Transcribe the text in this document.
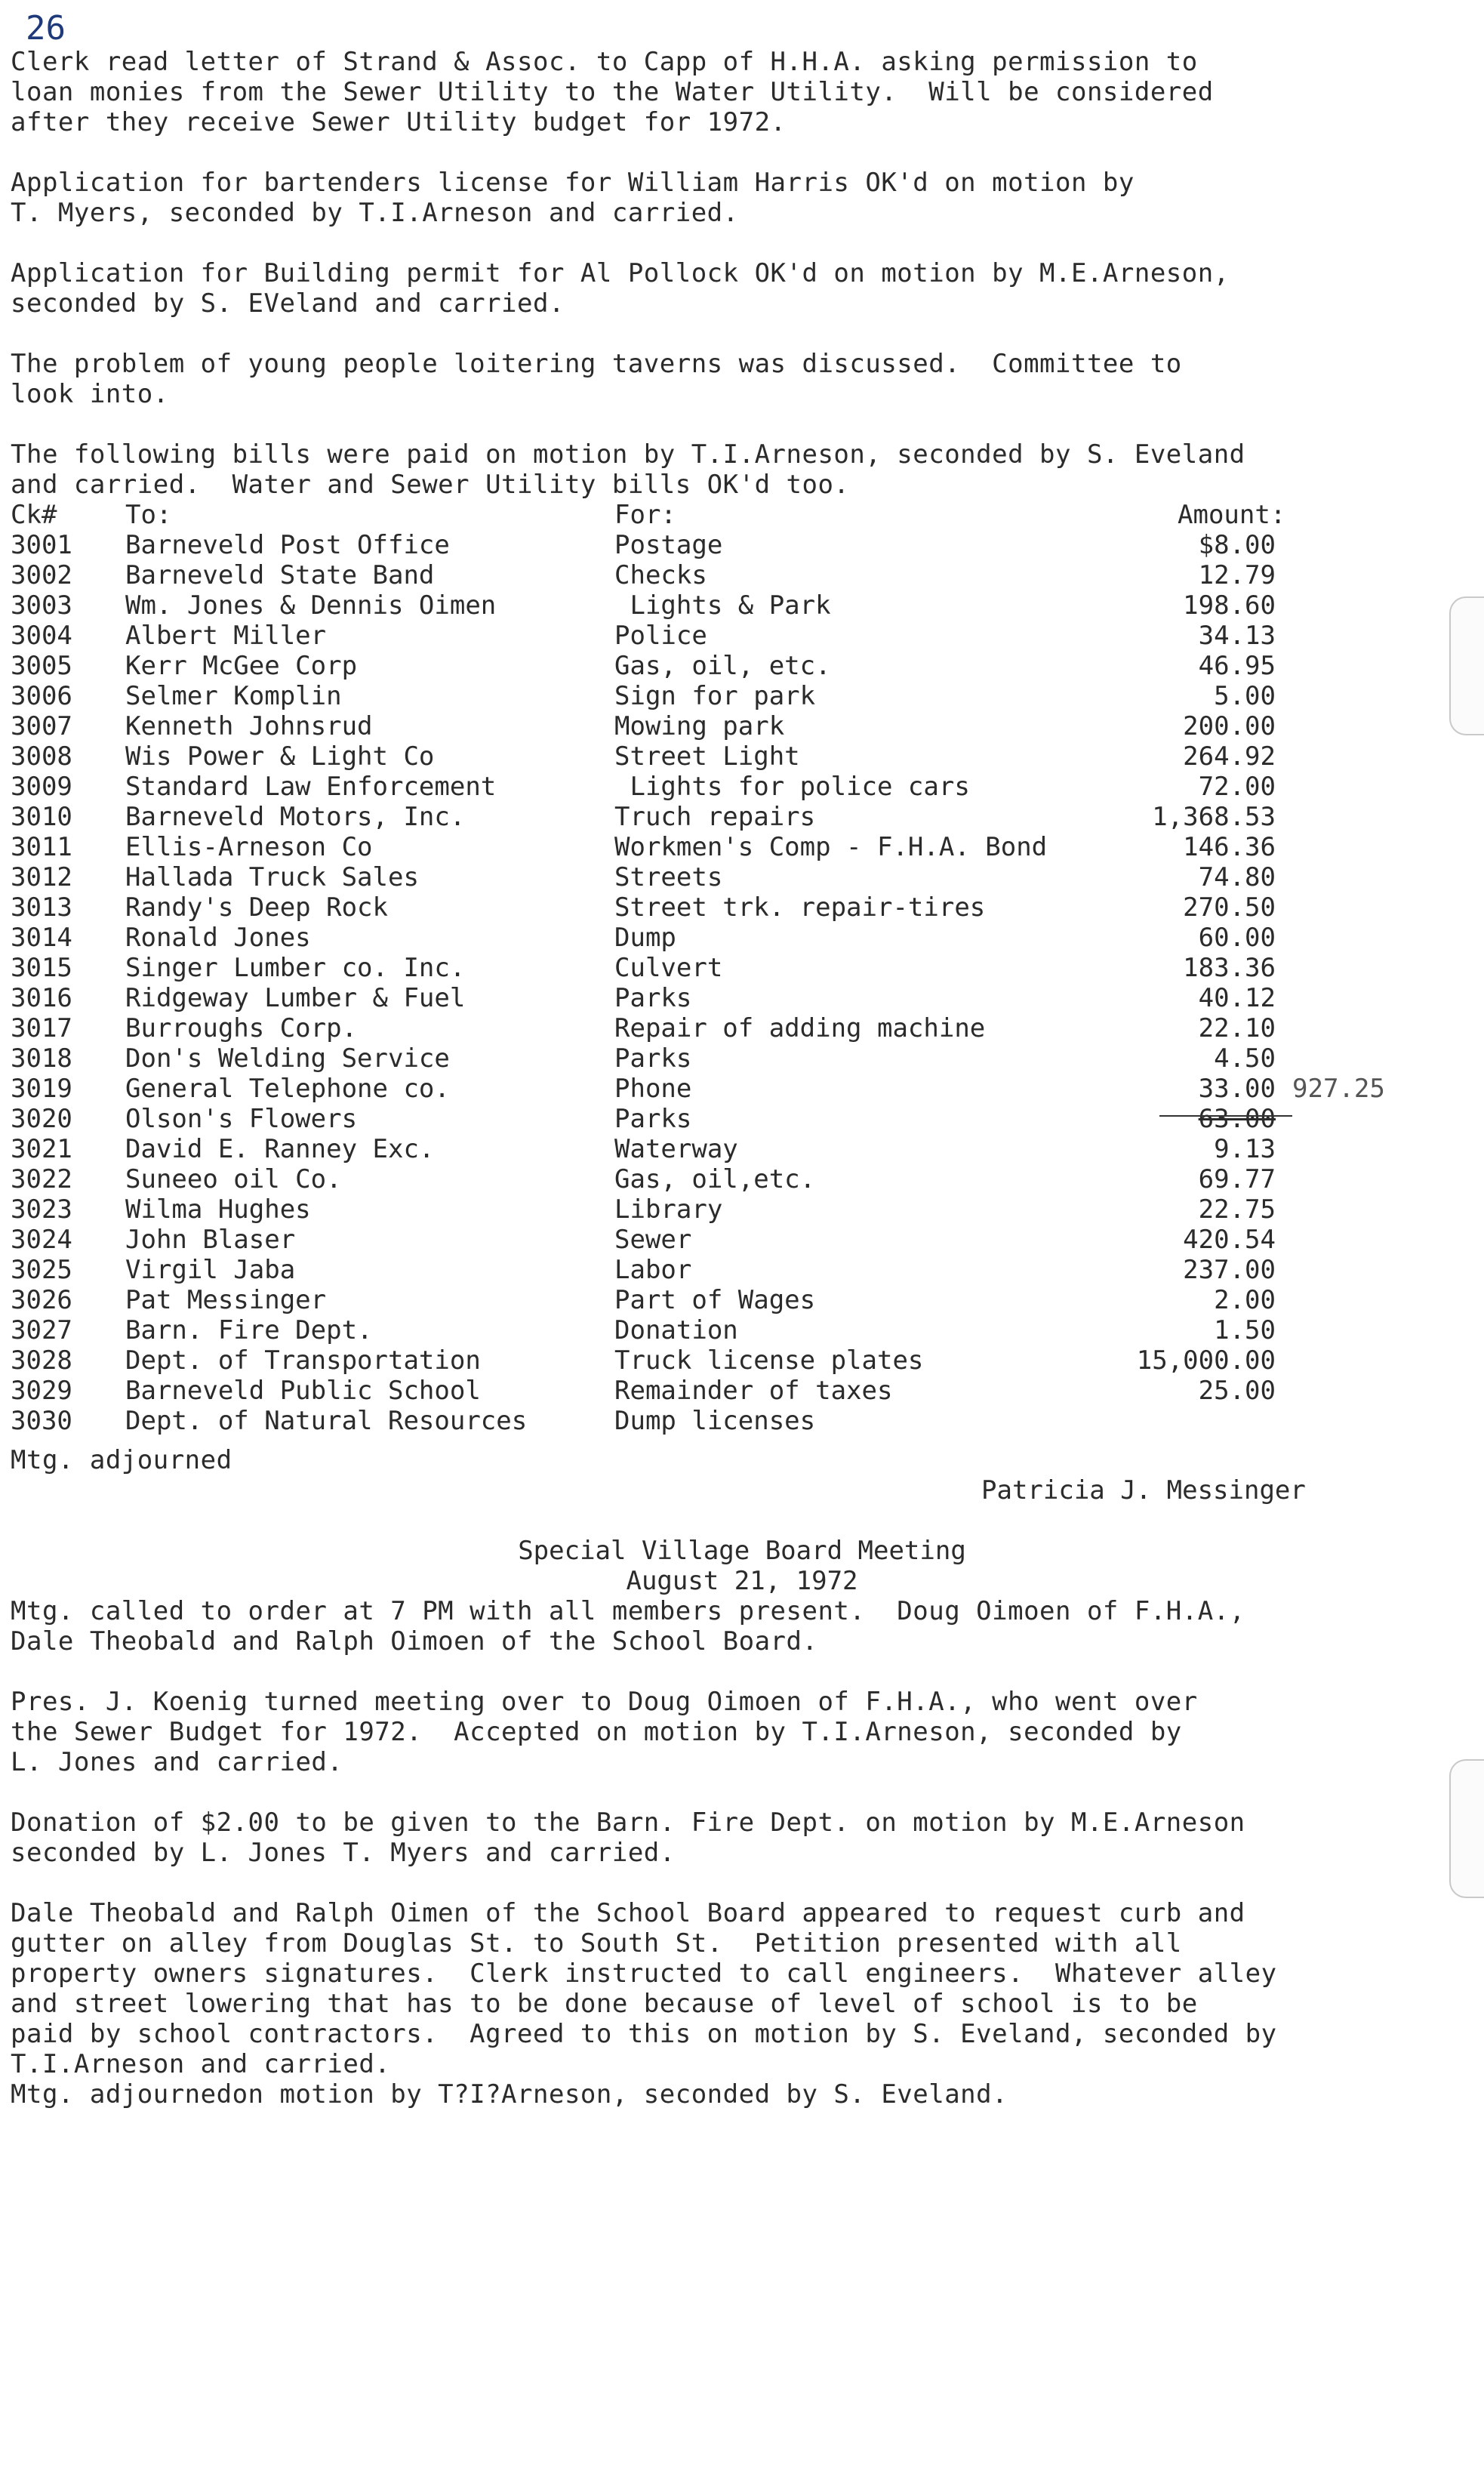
26

Clerk read letter of Strand & Assoc. to Capp of H.H.A. asking permission to

loan monies from the Sewer Utility to the Water Utility.  Will be considered

after they receive Sewer Utility budget for 1972.

Application for bartenders license for William Harris OK'd on motion by

T. Myers, seconded by T.I.Arneson and carried.

Application for Building permit for Al Pollock OK'd on motion by M.E.Arneson,

seconded by S. EVeland and carried.

The problem of young people loitering taverns was discussed.  Committee to

look into.

The following bills were paid on motion by T.I.Arneson, seconded by S. Eveland

and carried.  Water and Sewer Utility bills OK'd too.

Ck#	To:	For:	Amount:
3001 Barneveld Post Office	Postage	$8.00
3002 Barneveld State Band	Checks	12.79
3003 Wm. Jones & Dennis Oimen	Lights & Park	198.60
3004 Albert Miller	Police	34.13
3005 Kerr McGee Corp	Gas, oil, etc.	46.95
3006 Selmer Komplin	Sign for park	5.00
3007 Kenneth Johnsrud	Mowing park	200.00
3008 Wis Power & Light Co	Street Light	264.92
3009 Standard Law Enforcement	Lights for police cars	72.00
3010 Barneveld Motors, Inc.	Truch repairs	1,368.53
3011 Ellis-Arneson Co	Workmen's Comp - F.H.A. Bond	146.36
3012 Hallada Truck Sales	Streets	74.80
3013 Randy's Deep Rock	Street trk. repair-tires	270.50
3014 Ronald Jones	Dump	60.00
3015 Singer Lumber co. Inc.	Culvert	183.36
3016 Ridgeway Lumber & Fuel	Parks	40.12
3017 Burroughs Corp.	Repair of adding machine	22.10
3018 Don's Welding Service	Parks	4.50
3019 General Telephone co.	Phone	33.00 927.25
3020 Olson's Flowers	Parks	63.00
3021 David E. Ranney Exc.	Waterway	9.13
3022 Suneeo oil Co.	Gas, oil,etc.	69.77
3023 Wilma Hughes	Library	22.75
3024 John Blaser	Sewer	420.54
3025 Virgil Jaba	Labor	237.00
3026 Pat Messinger	Part of Wages	2.00
3027 Barn. Fire Dept.	Donation	1.50
3028 Dept. of Transportation	Truck license plates	15,000.00
3029 Barneveld Public School	Remainder of taxes	25.00
3030 Dept. of Natural Resources	Dump licenses

Mtg. adjourned

Patricia J. Messinger
Special Village Board Meeting
August 21, 1972

Mtg. called to order at 7 PM with all members present.  Doug Oimoen of F.H.A.,

Dale Theobald and Ralph Oimoen of the School Board.

Pres. J. Koenig turned meeting over to Doug Oimoen of F.H.A., who went over

the Sewer Budget for 1972.  Accepted on motion by T.I.Arneson, seconded by

L. Jones and carried.

Donation of $2.00 to be given to the Barn. Fire Dept. on motion by M.E.Arneson

seconded by L. Jones T. Myers and carried.

Dale Theobald and Ralph Oimen of the School Board appeared to request curb and

gutter on alley from Douglas St. to South St.  Petition presented with all

property owners signatures.  Clerk instructed to call engineers.  Whatever alley

and street lowering that has to be done because of level of school is to be

paid by school contractors.  Agreed to this on motion by S. Eveland, seconded by

T.I.Arneson and carried.

Mtg. adjournedon motion by T?I?Arneson, seconded by S. Eveland.
